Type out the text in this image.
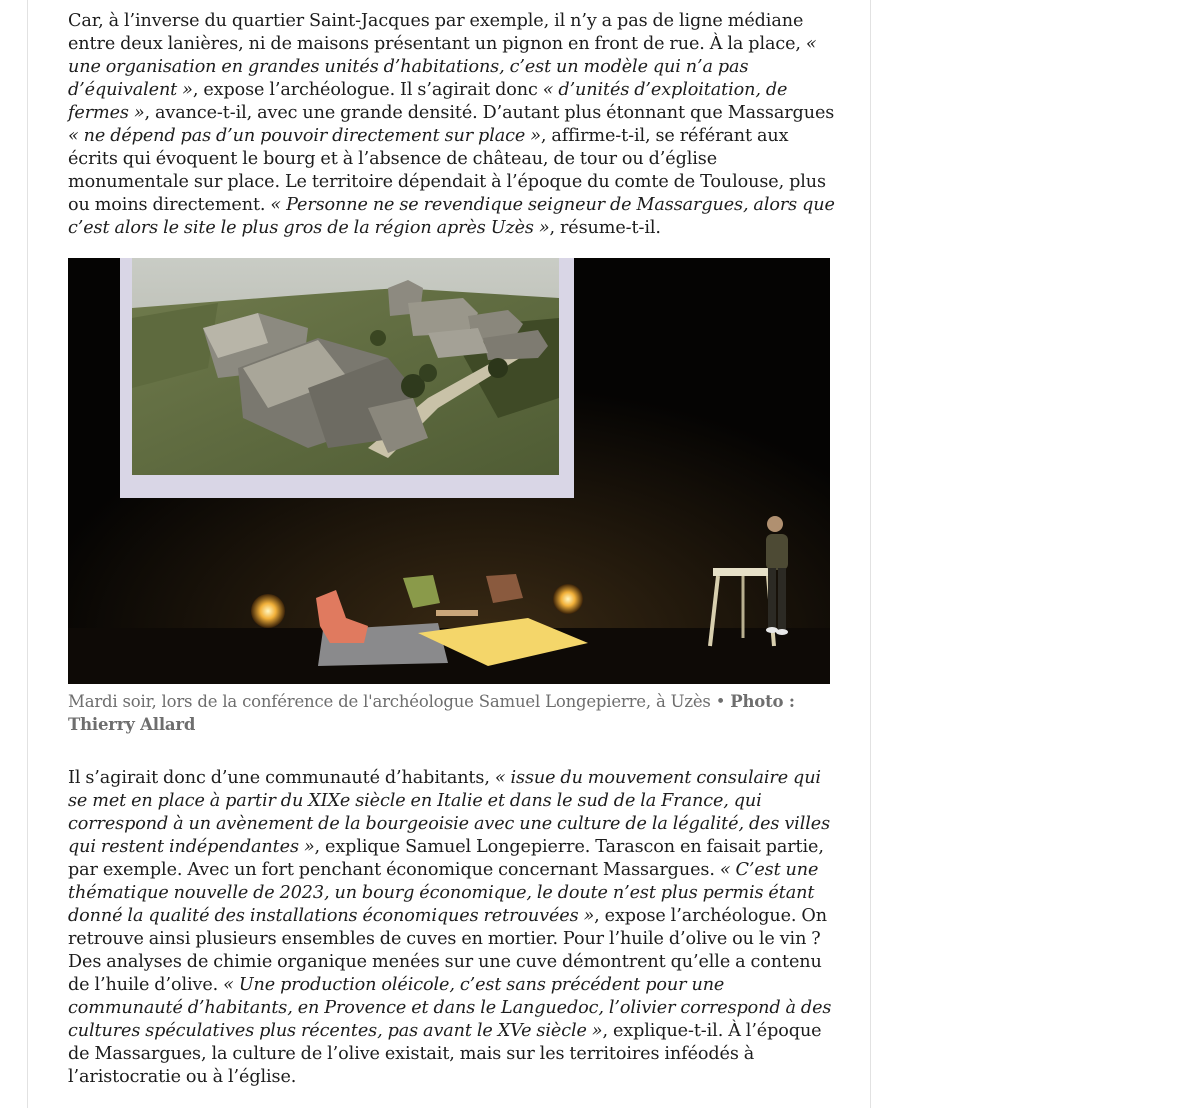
Car, à l’inverse du quartier Saint-Jacques par exemple, il n’y a pas de ligne médiane entre deux lanières, ni de maisons présentant un pignon en front de rue. À la place, « une organisation en grandes unités d’habitations, c’est un modèle qui n’a pas d’équivalent », expose l’archéologue. Il s’agirait donc « d’unités d’exploitation, de fermes », avance-t-il, avec une grande densité. D’autant plus étonnant que Massargues « ne dépend pas d’un pouvoir directement sur place », affirme-t-il, se référant aux écrits qui évoquent le bourg et à l’absence de château, de tour ou d’église monumentale sur place. Le territoire dépendait à l’époque du comte de Toulouse, plus ou moins directement. « Personne ne se revendique seigneur de Massargues, alors que c’est alors le site le plus gros de la région après Uzès », résume-t-il.

Mardi soir, lors de la conférence de l'archéologue Samuel Longepierre, à Uzès • Photo : Thierry Allard

Il s’agirait donc d’une communauté d’habitants, « issue du mouvement consulaire qui se met en place à partir du XIXe siècle en Italie et dans le sud de la France, qui correspond à un avènement de la bourgeoisie avec une culture de la légalité, des villes qui restent indépendantes », explique Samuel Longepierre. Tarascon en faisait partie, par exemple. Avec un fort penchant économique concernant Massargues. « C’est une thématique nouvelle de 2023, un bourg économique, le doute n’est plus permis étant donné la qualité des installations économiques retrouvées », expose l’archéologue. On retrouve ainsi plusieurs ensembles de cuves en mortier. Pour l’huile d’olive ou le vin ? Des analyses de chimie organique menées sur une cuve démontrent qu’elle a contenu de l’huile d’olive. « Une production oléicole, c’est sans précédent pour une communauté d’habitants, en Provence et dans le Languedoc, l’olivier correspond à des cultures spéculatives plus récentes, pas avant le XVe siècle », explique-t-il. À l’époque de Massargues, la culture de l’olive existait, mais sur les territoires inféodés à l’aristocratie ou à l’église.
